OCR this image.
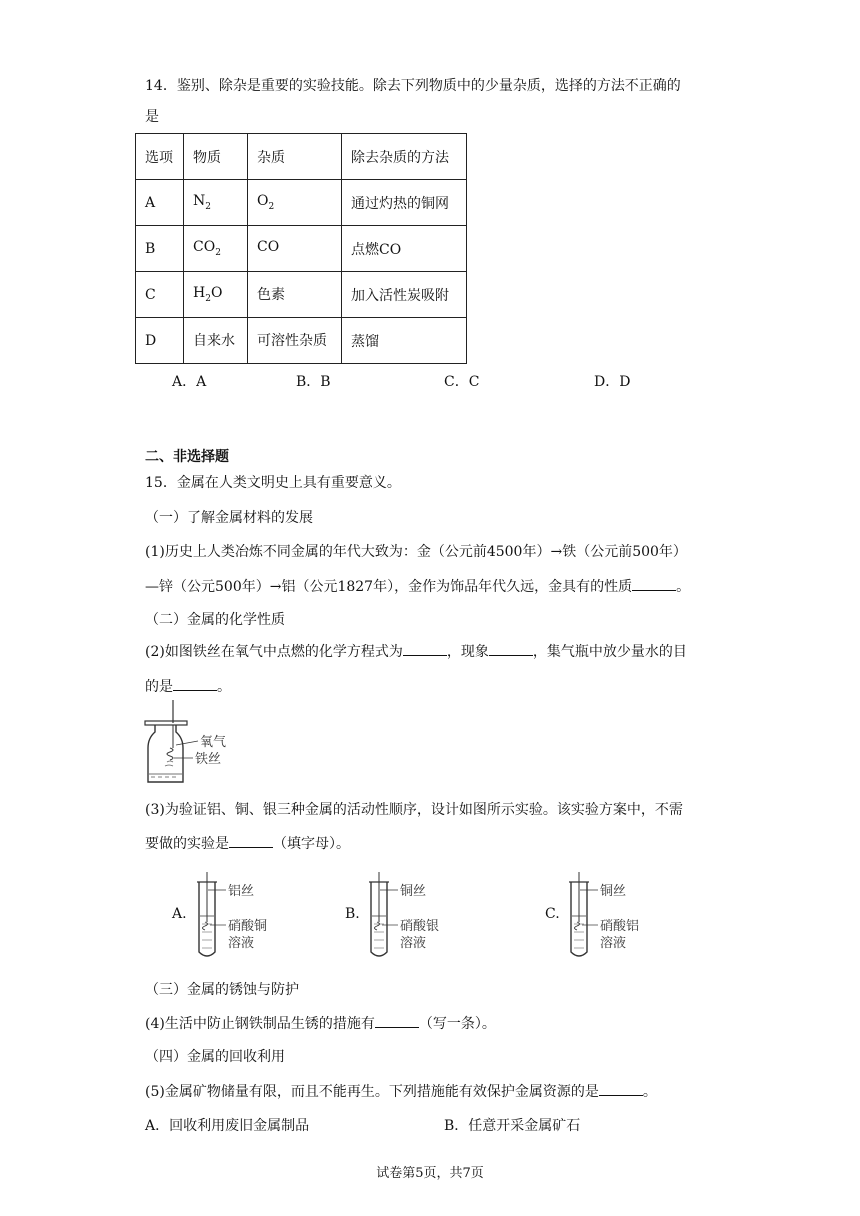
14．鉴别、除杂是重要的实验技能。除去下列物质中的少量杂质，选择的方法不正确的
是
选项	物质	杂质	除去杂质的方法
A	$N_2$	$O_2$	通过灼热的铜网
B	$CO_2$	CO	点燃CO
C	$H_2O$	色素	加入活性炭吸附
D	自来水	可溶性杂质	蒸馏
A．A	B．B	C．C	D．D
二、非选择题
15．金属在人类文明史上具有重要意义。
（一）了解金属材料的发展
(1)历史上人类冶炼不同金属的年代大致为：金（公元前4500年）→铁（公元前500年）
—锌（公元500年）→铝（公元1827年），金作为饰品年代久远，金具有的性质	。
（二）金属的化学性质
(2)如图铁丝在氧气中点燃的化学方程式为	，现象	，集气瓶中放少量水的目
的是	。
氧气
铁丝
(3)为验证铝、铜、银三种金属的活动性顺序，设计如图所示实验。该实验方案中，不需
要做的实验是	（填字母）。
A.
铝丝
硝酸铜
溶液
B.
铜丝
硝酸银
溶液
C.
铜丝
硝酸铝
溶液
（三）金属的锈蚀与防护
(4)生活中防止钢铁制品生锈的措施有	（写一条）。
（四）金属的回收利用
(5)金属矿物储量有限，而且不能再生。下列措施能有效保护金属资源的是	。
A．回收利用废旧金属制品	B．任意开采金属矿石
试卷第5页，共7页
